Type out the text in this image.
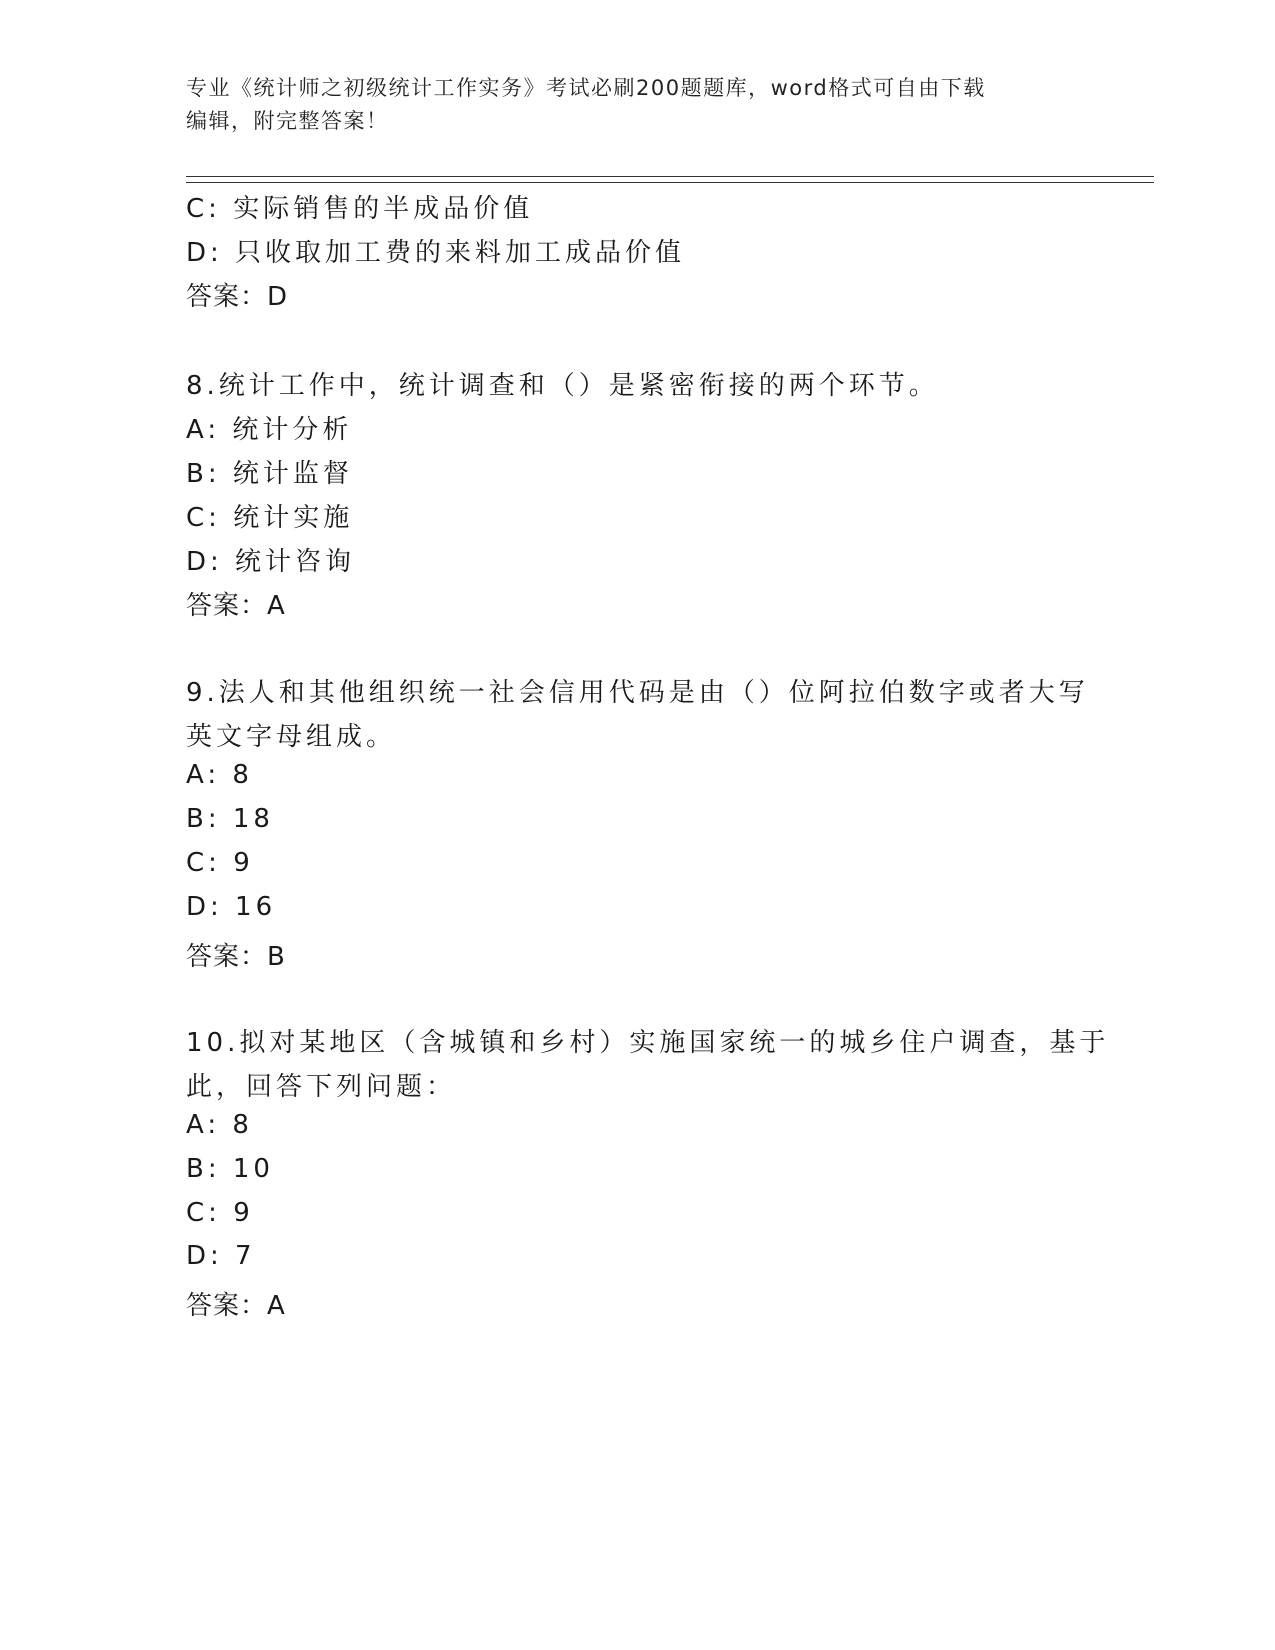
专业《统计师之初级统计工作实务》考试必刷200题题库，word格式可自由下载
编辑，附完整答案！
C: 实际销售的半成品价值
D: 只收取加工费的来料加工成品价值
答案：D
8.统计工作中，统计调查和（）是紧密衔接的两个环节。
A: 统计分析
B: 统计监督
C: 统计实施
D: 统计咨询
答案：A
9.法人和其他组织统一社会信用代码是由（）位阿拉伯数字或者大写
英文字母组成。
A: 8
B: 18
C: 9
D: 16
答案：B
10.拟对某地区（含城镇和乡村）实施国家统一的城乡住户调查，基于
此，回答下列问题：
A: 8
B: 10
C: 9
D: 7
答案：A
